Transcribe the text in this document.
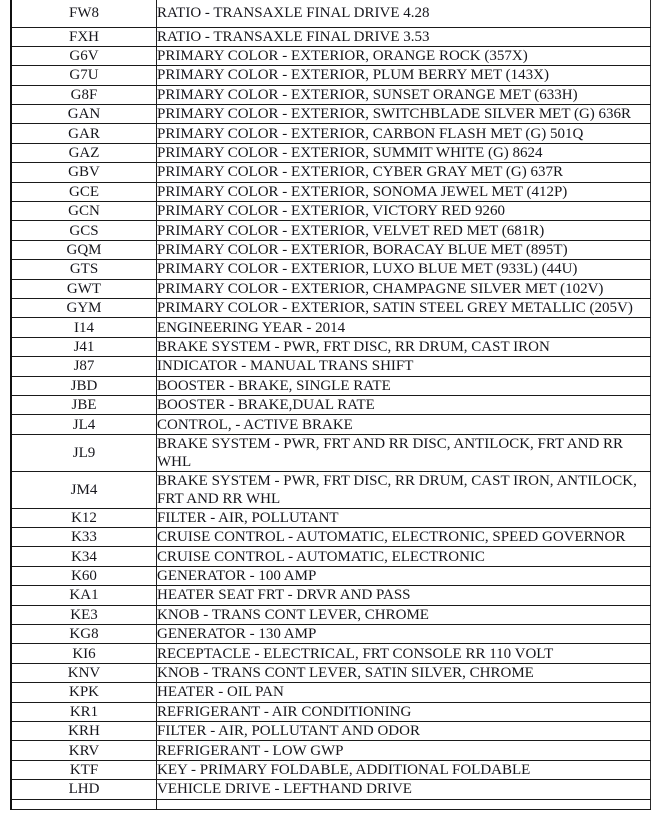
FW8	RATIO - TRANSAXLE FINAL DRIVE 4.28
FXH	RATIO - TRANSAXLE FINAL DRIVE 3.53
G6V	PRIMARY COLOR - EXTERIOR, ORANGE ROCK (357X)
G7U	PRIMARY COLOR - EXTERIOR, PLUM BERRY MET (143X)
G8F	PRIMARY COLOR - EXTERIOR, SUNSET ORANGE MET (633H)
GAN	PRIMARY COLOR - EXTERIOR, SWITCHBLADE SILVER MET (G) 636R
GAR	PRIMARY COLOR - EXTERIOR, CARBON FLASH MET (G) 501Q
GAZ	PRIMARY COLOR - EXTERIOR, SUMMIT WHITE (G) 8624
GBV	PRIMARY COLOR - EXTERIOR, CYBER GRAY MET (G) 637R
GCE	PRIMARY COLOR - EXTERIOR, SONOMA JEWEL MET (412P)
GCN	PRIMARY COLOR - EXTERIOR, VICTORY RED 9260
GCS	PRIMARY COLOR - EXTERIOR, VELVET RED MET (681R)
GQM	PRIMARY COLOR - EXTERIOR, BORACAY BLUE MET (895T)
GTS	PRIMARY COLOR - EXTERIOR, LUXO BLUE MET (933L) (44U)
GWT	PRIMARY COLOR - EXTERIOR, CHAMPAGNE SILVER MET (102V)
GYM	PRIMARY COLOR - EXTERIOR, SATIN STEEL GREY METALLIC (205V)
I14	ENGINEERING YEAR - 2014
J41	BRAKE SYSTEM - PWR, FRT DISC, RR DRUM, CAST IRON
J87	INDICATOR - MANUAL TRANS SHIFT
JBD	BOOSTER - BRAKE, SINGLE RATE
JBE	BOOSTER - BRAKE,DUAL RATE
JL4	CONTROL, - ACTIVE BRAKE
JL9	BRAKE SYSTEM - PWR, FRT AND RR DISC, ANTILOCK, FRT AND RR WHL
JM4	BRAKE SYSTEM - PWR, FRT DISC, RR DRUM, CAST IRON, ANTILOCK, FRT AND RR WHL
K12	FILTER - AIR, POLLUTANT
K33	CRUISE CONTROL - AUTOMATIC, ELECTRONIC, SPEED GOVERNOR
K34	CRUISE CONTROL - AUTOMATIC, ELECTRONIC
K60	GENERATOR - 100 AMP
KA1	HEATER SEAT FRT - DRVR AND PASS
KE3	KNOB - TRANS CONT LEVER, CHROME
KG8	GENERATOR - 130 AMP
KI6	RECEPTACLE - ELECTRICAL, FRT CONSOLE RR 110 VOLT
KNV	KNOB - TRANS CONT LEVER, SATIN SILVER, CHROME
KPK	HEATER - OIL PAN
KR1	REFRIGERANT - AIR CONDITIONING
KRH	FILTER - AIR, POLLUTANT AND ODOR
KRV	REFRIGERANT - LOW GWP
KTF	KEY - PRIMARY FOLDABLE, ADDITIONAL FOLDABLE
LHD	VEHICLE DRIVE - LEFTHAND DRIVE
